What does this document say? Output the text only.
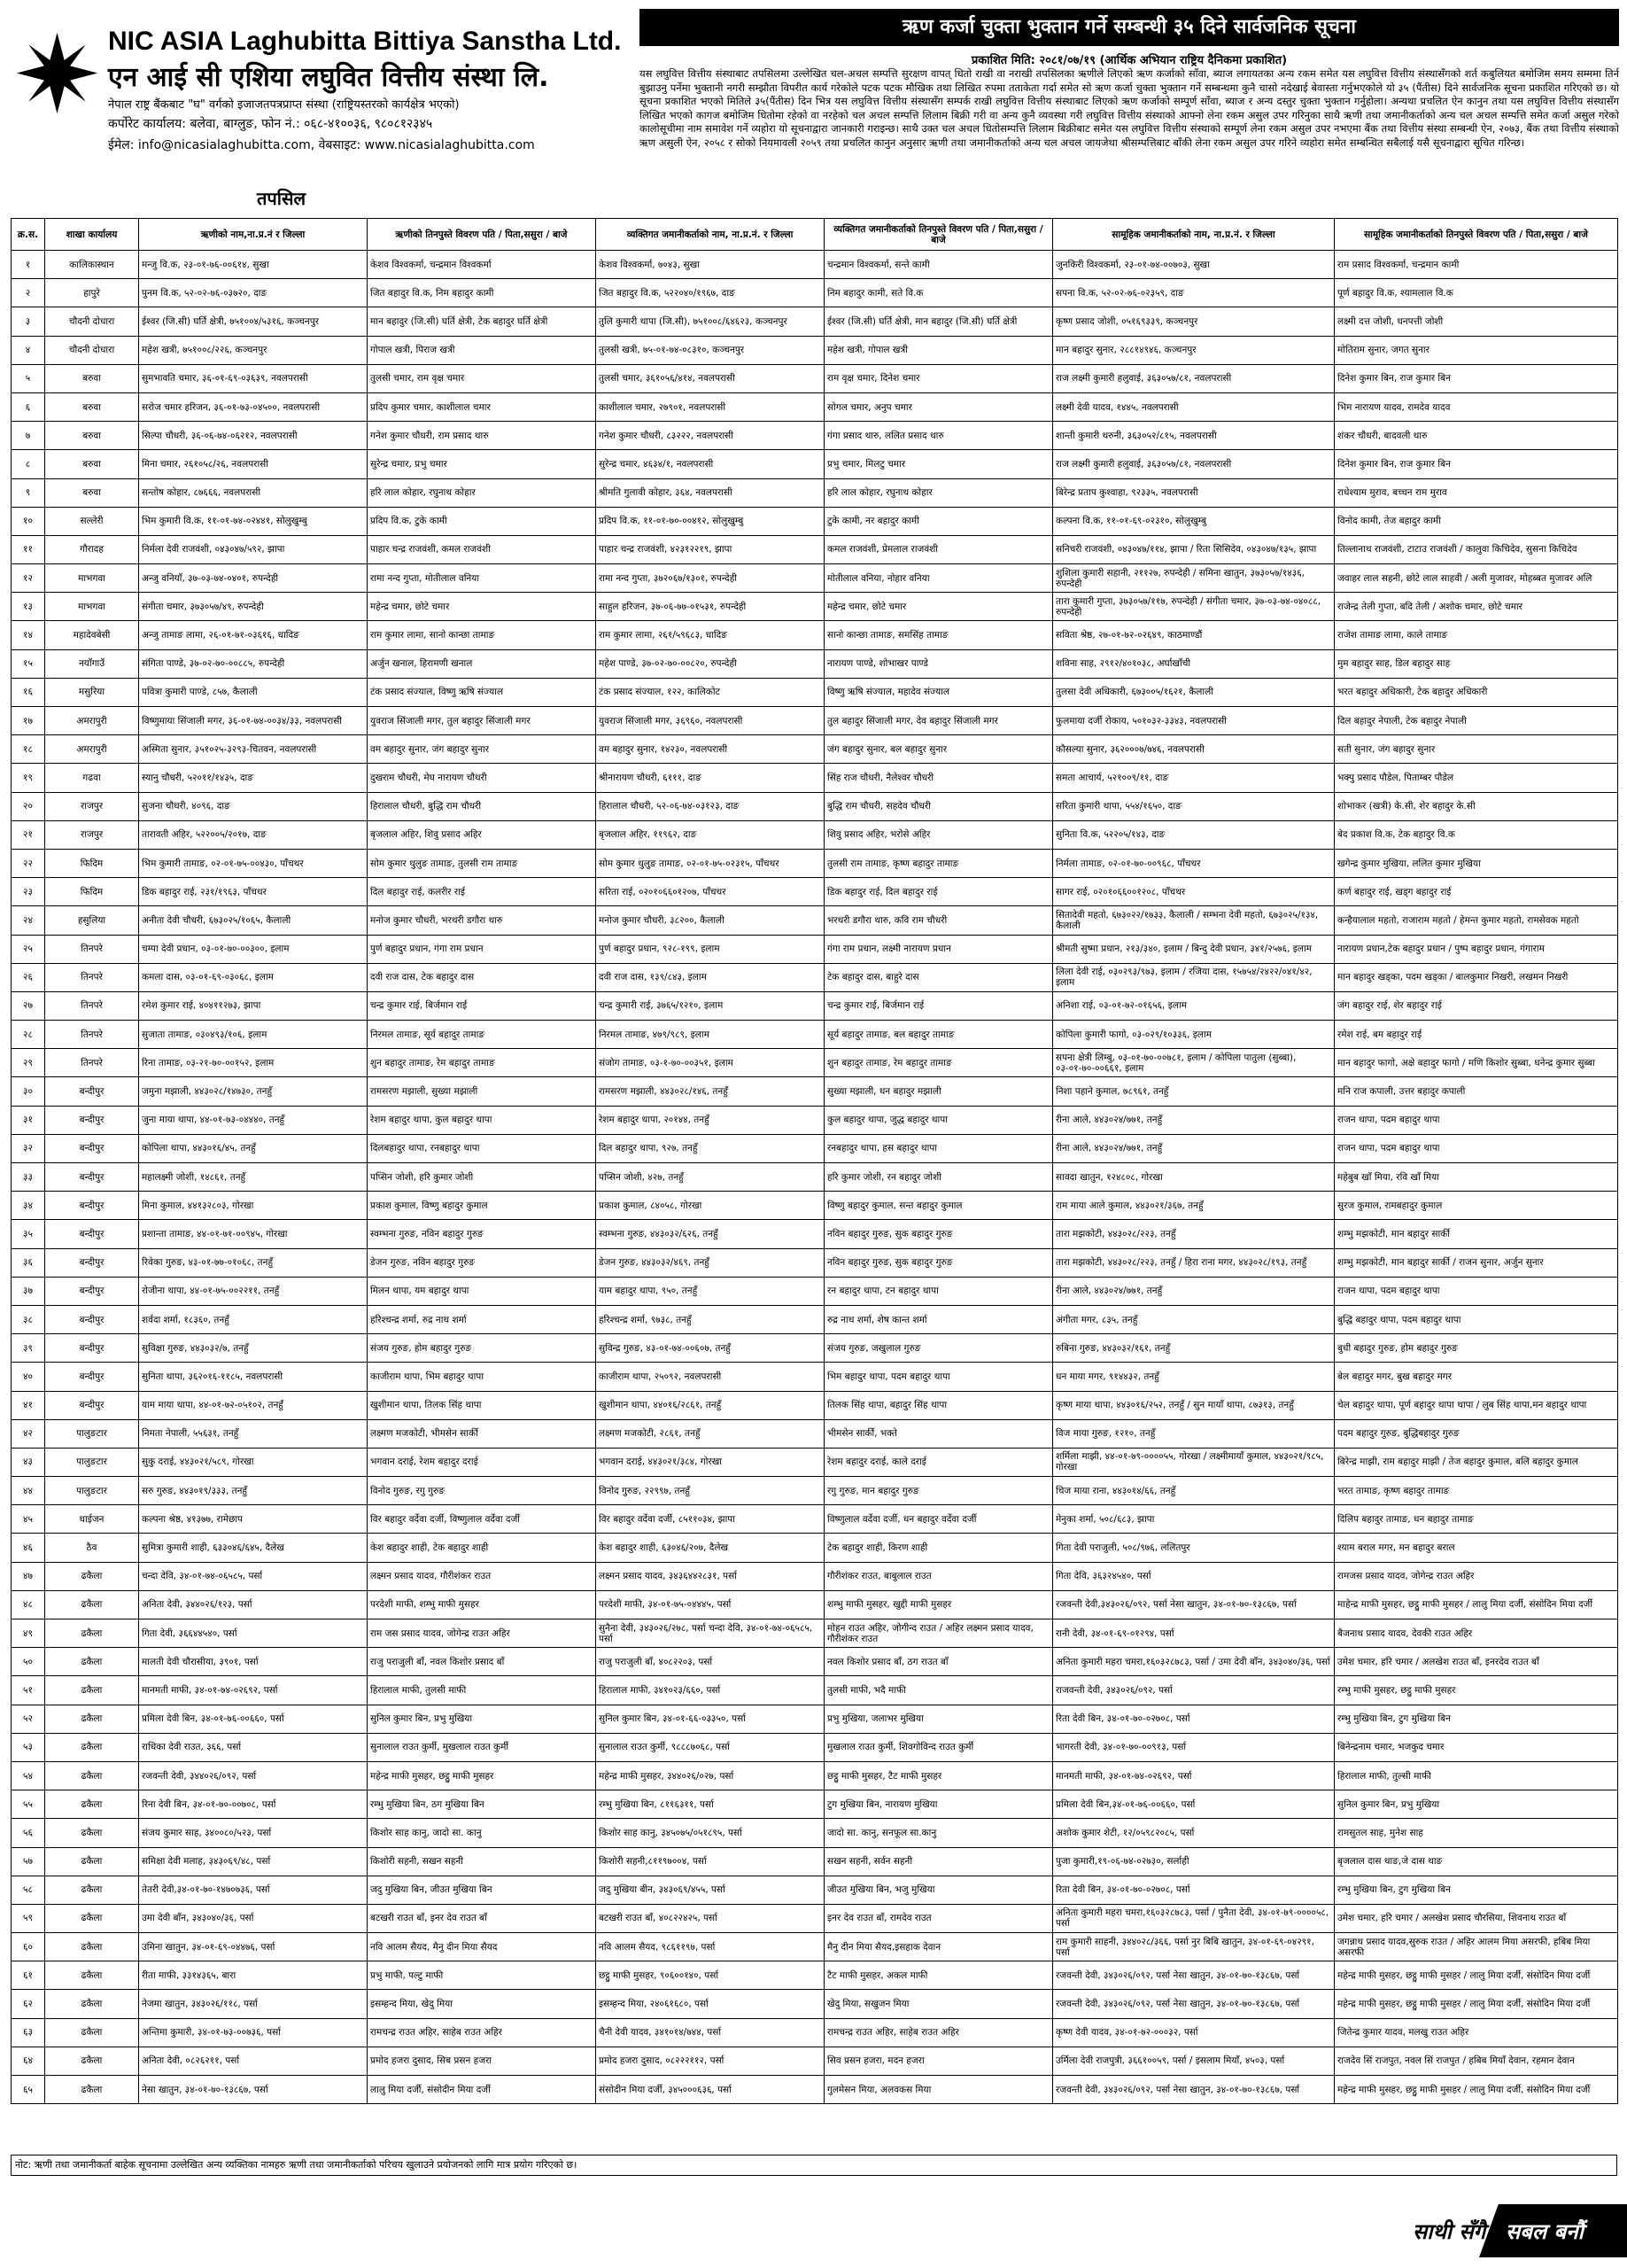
NIC ASIA Laghubitta Bittiya Sanstha Ltd.
एन आई सी एशिया लघुवित वित्तीय संस्था लि.
नेपाल राष्ट्र बैंकबाट "घ" वर्गको इजाजतपत्रप्राप्त संस्था (राष्ट्रियस्तरको कार्यक्षेत्र भएको)
कर्पोरेट कार्यालय: बलेवा, बाग्लुङ, फोन नं.: ०६८-४१००३६, ९८०८१२३४५
ईमेल: info@nicasialaghubitta.com, वेबसाइट: www.nicasialaghubitta.com
तपसिल
ऋण कर्जा चुक्ता भुक्तान गर्ने सम्बन्धी ३५ दिने सार्वजनिक सूचना
प्रकाशित मिति: २०८१/०७/१९ (आर्थिक अभियान राष्ट्रिय दैनिकमा प्रकाशित)
यस लघुवित्त वित्तीय संस्थाबाट तपसिलमा उल्लेखित चल-अचल सम्पत्ति सुरक्षण वापत् धितो राखी वा नराखी तपसिलका ऋणीले लिएको ऋण कर्जाको साँवा, ब्याज लगायतका अन्य रकम समेत यस लघुवित्त वित्तीय संस्थासँगको शर्त कबुलियत बमोजिम समय सम्ममा तिर्न बुझाउनु पर्नेमा भुक्तानी नगरी सम्झौता विपरीत कार्य गरेकोले पटक पटक मौखिक तथा लिखित रुपमा तताकेता गर्दा समेत सो ऋण कर्जा चुक्ता भुक्तान गर्ने सम्बन्धमा कुनै चासो नदेखाई बेवास्ता गर्नुभएकोले यो ३५ (पैंतीस) दिने सार्वजनिक सूचना प्रकाशित गरिएको छ। यो सूचना प्रकाशित भएको मितिले ३५(पैंतीस) दिन भित्र यस लघुवित्त वित्तीय संस्थासँग सम्पर्क राखी लघुवित्त वित्तीय संस्थाबाट लिएको ऋण कर्जाको सम्पूर्ण साँवा, ब्याज र अन्य दस्तुर चुक्ता भुक्तान गर्नुहोला। अन्यथा प्रचलित ऐन कानुन तथा यस लघुवित्त वित्तीय संस्थासँग लिखित भएको कागज बमोजिम धितोमा रहेको वा नरहेको चल अचल सम्पत्ति लिलाम बिक्री गरी वा अन्य कुनै व्यवस्था गरी लघुवित्त वित्तीय संस्थाको आफ्नो लेना रकम असुल उपर गरिनुका साथै ऋणी तथा जमानीकर्ताको अन्य चल अचल सम्पत्ति समेत कर्जा असुल गरेको कालोसूचीमा नाम समावेश गर्ने व्यहोरा यो सूचनाद्वारा जानकारी गराइन्छ। साथै उक्त चल अचल धितोसम्पत्ति लिलाम बिक्रीबाट समेत यस लघुवित्त वित्तीय संस्थाको सम्पूर्ण लेना रकम असुल उपर नभएमा बैंक तथा वित्तीय संस्था सम्बन्धी ऐन, २०७३, बैंक तथा वित्तीय संस्थाको ऋण असुली ऐन, २०५८ र सोको नियमावली २०५९ तथा प्रचलित कानुन अनुसार ऋणी तथा जमानीकर्ताको अन्य चल अचल जायजेथा श्रीसम्पत्तिबाट बाँकी लेना रकम असुल उपर गरिने व्यहोरा समेत सम्बन्धित सबैलाई यसै सूचनाद्वारा सूचित गरिन्छ।
क्र.स.	शाखा कार्यालय	ऋणीको नाम,ना.प्र.नं र जिल्ला	ऋणीको तिनपुस्ते विवरण पति / पिता,ससुरा / बाजे	व्यक्तिगत जमानीकर्ताको नाम, ना.प्र.नं. र जिल्ला	व्यक्तिगत जमानीकर्ताको तिनपुस्ते विवरण पति / पिता,ससुरा / बाजे	सामूहिक जमानीकर्ताको नाम, ना.प्र.नं. र जिल्ला	सामूहिक जमानीकर्ताको तिनपुस्ते विवरण पति / पिता,ससुरा / बाजे
१	कालिकास्थान	मन्जु वि.क, २३-०१-७६-००६१४, सुखा	केशव विश्वकर्मा, चन्द्रमान विश्वकर्मा	केशव विश्वकर्मा, ७०४३, सुखा	चन्द्रमान विश्वकर्मा, सन्ते कामी	जुनकिरी विश्वकर्मा, २३-०१-७४-००७०३, सुखा	राम प्रसाद विश्वकर्मा, चन्द्रमान कामी
२	हापुरे	पुनम वि.क, ५२-०२-७६-०३७२०, दाङ	जित बहादुर वि.क, निम बहादुर कामी	जित बहादुर वि.क, ५२२०४०/१९६७, दाङ	निम बहादुर कामी, सते वि.क	सपना वि.क, ५२-०२-७६-०२३५९, दाङ	पूर्ण बहादुर वि.क, श्यामलाल वि.क
३	चौदनी दोधारा	ईश्वर (जि.सी) घर्ति क्षेत्री, ७५१००४/५३१६, कञ्चनपुर	मान बहादुर (जि.सी) घर्ति क्षेत्री, टेक बहादुर घर्ति क्षेत्री	तुलि कुमारी थापा (जि.सी), ७५१००८/६४६२३, कञ्चनपुर	ईश्वर (जि.सी) घर्ति क्षेत्री, मान बहादुर (जि.सी) घर्ति क्षेत्री	कृष्ण प्रसाद जोशी, ०५१६९३३९, कञ्चनपुर	लक्ष्मी दत्त जोशी, धनपत्ती जोशी
४	चौदनी दोधारा	महेश खत्री, ७५१००८/२२६, कञ्चनपुर	गोपाल खत्री, पिराज खत्री	तुलसी खत्री, ७५-०१-७४-०८३१०, कञ्चनपुर	महेश खत्री, गोपाल खत्री	मान बहादुर सुनार, २८८१४९४६, कञ्चनपुर	मोतिराम सुनार, जगत सुनार
५	बरुवा	सुमभावति चमार, ३६-०१-६९-०३६३९, नवलपरासी	तुलसी चमार, राम वृक्ष चमार	तुलसी चमार, ३६१०५६/४१४, नवलपरासी	राम वृक्ष चमार, दिनेश चमार	राज लक्ष्मी कुमारी हलुवाई, ३६३०५७/८१, नवलपरासी	दिनेश कुमार बिन, राज कुमार बिन
६	बरुवा	सरोज चमार हरिजन, ३६-०१-७३-०४५००, नवलपरासी	प्रदिप कुमार चमार, काशीलाल चमार	काशीलाल चमार, २७९०१, नवलपरासी	सोगल चमार, अनुप चमार	लक्ष्मी देवी यादव, १४४५, नवलपरासी	भिम नारायण यादव, रामदेव यादव
७	बरुवा	सिल्पा चौधरी, ३६-०६-७४-०६२१२, नवलपरासी	गनेश कुमार चौधरी, राम प्रसाद थारु	गनेश कुमार चौधरी, ८३२२२, नवलपरासी	गंगा प्रसाद थारु, ललित प्रसाद थारु	शान्ती कुमारी थरुनी, ३६३०५२/८१५, नवलपरासी	शंकर चौधरी, बादवली थारु
८	बरुवा	मिना चमार, २६१०५८/२६, नवलपरासी	सुरेन्द्र चमार, प्रभु चमार	सुरेन्द्र चमार, ४६३४/१, नवलपरासी	प्रभु चमार, मिलटु चमार	राज लक्ष्मी कुमारी हलुवाई, ३६३०५७/८१, नवलपरासी	दिनेश कुमार बिन, राज कुमार बिन
९	बरुवा	सन्तोष कोहार, ८७६६६, नवलपरासी	हरि लाल कोहार, रघुनाथ कोहार	श्रीमति गुलावी कोहार, ३६४, नवलपरासी	हरि लाल कोहार, रघुनाथ कोहार	बिरेन्द्र प्रताप कुश्वाहा, ९२३३५, नवलपरासी	राधेश्याम मुराव, बच्चन राम मुराव
१०	सल्लेरी	भिम कुमारी वि.क, ११-०१-७४-०२४४१, सोलुखुम्बु	प्रदिप वि.क, टुके कामी	प्रदिप वि.क, ११-०१-७०-००४१२, सोलुखुम्बु	टुके कामी, नर बहादुर कामी	कल्पना वि.क, ११-०१-६९-०२३१०, सोलुखुम्बु	विनोद कामी, तेज बहादुर कामी
११	गौरादह	निर्मला देवी राजवंशी, ०४३०४७/५९२, झापा	पाहार चन्द्र राजवंशी, कमल राजवंशी	पाहार चन्द्र राजवंशी, ४२३१२२१९, झापा	कमल राजवंशी, प्रेमलाल राजवंशी	सनिचरी राजवंशी, ०४३०४७/११४, झापा / रिता सिसिदेव, ०४३०४७/१३५, झापा	तिल्लानाथ राजवंशी, टाटाउ राजवंशी / कालुवा किचिदेव, सुसना किचिदेव
१२	माभगवा	अन्जु वनियाँ, ३७-०३-७४-०४०१, रुपन्देही	रामा नन्द गुप्ता, मोतीलाल वनिया	रामा नन्द गुप्ता, ३७२०६७/१३०१, रुपन्देही	मोतीलाल वनिया, नोहार वनिया	शुशिला कुमारी सहानी, २११२७, रुपन्देही / समिना खातुन, ३७३०५७/१४३६, रुपन्देही	जवाहर लाल सहनी, छोटे लाल साहवी / अली मुजावर, मोहब्बत मुजावर अलि
१३	माभगवा	संगीता चमार, ३७३०५७/४९, रुपन्देही	महेन्द्र चमार, छोटे चमार	साहुल हरिजन, ३७-०६-७७-०१५३१, रुपन्देही	महेन्द्र चमार, छोटे चमार	तारा कुमारी गुप्ता, ३७३०५७/११७, रुपन्देही / संगीता चमार, ३७-०३-७४-०४०८८, रुपन्देही	राजेन्द्र तेली गुप्ता, बदि तेली / अशोक चमार, छोटे चमार
१४	महादेवबेसी	अन्जु तामाङ लामा, २६-०१-७१-०३६१६, धादिङ	राम कुमार लामा, सानो कान्छा तामाङ	राम कुमार लामा, २६१/५९६८३, धादिङ	सानो कान्छा तामाङ, समसिंह तामाङ	सविता श्रेष्ठ, २७-०१-७२-०२६४९, काठमाण्डौं	राजेश तामाङ लामा, काले तामाङ
१५	नयाँगाउँ	संगिता पाण्डे, ३७-०२-७०-००८८५, रुपन्देही	अर्जुन खनाल, हिरामणी खनाल	महेश पाण्डे, ३७-०२-७०-००८२०, रुपन्देही	नारायण पाण्डे, शोभाखर पाण्डे	शविना साह, २९१२/४०१०३८, अर्घाखाँची	मुम बहादुर साह, डिल बहादुर साह
१६	मसुरिया	पवित्रा कुमारी पाण्डे, ८५७, कैलाली	टंक प्रसाद संज्याल, विष्णु ऋषि संज्याल	टंक प्रसाद संज्याल, १२२, कालिकोट	विष्णु ऋषि संज्याल, महादेव संज्याल	तुलसा देवी अधिकारी, ६७३००५/१६२१, कैलाली	भरत बहादुर अधिकारी, टेक बहादुर अधिकारी
१७	अमरापुरी	विष्णुमाया सिंजाली मगर, ३६-०१-७४-००३४/३३, नवलपरासी	युवराज सिंजाली मगर, तुल बहादुर सिंजाली मगर	युवराज सिंजाली मगर, ३६९६०, नवलपरासी	तुल बहादुर सिंजाली मगर, देव बहादुर सिंजाली मगर	फुलमाया दर्जी रोकाय, ५०१०३२-३३४३, नवलपरासी	दिल बहादुर नेपाली, टेक बहादुर नेपाली
१८	अमरापुरी	अस्मिता सुनार, ३५१०२५-३२९३-चितवन, नवलपरासी	वम बहादुर सुनार, जंग बहादुर सुनार	वम बहादुर सुनार, १४२३०, नवलपरासी	जंग बहादुर सुनार, बल बहादुर सुनार	कौसल्या सुनार, ३६२०००७/७४६, नवलपरासी	सती सुनार, जंग बहादुर सुनार
१९	गढवा	स्यानु चौधरी, ५२०११/१४३५, दाङ	दुखराम चौधरी, मेघ नारायण चौधरी	श्रीनारायण चौधरी, ६१११, दाङ	सिंह राज चौधरी, नैलेश्वर चौधरी	समता आचार्य, ५२१००९/११, दाङ	भक्पु प्रसाद पौडेल, पिताम्बर पौडेल
२०	राजपुर	सुजना चौधरी, ४०९६, दाङ	हिरालाल चौधरी, बुद्धि राम चौधरी	हिरालाल चौधरी, ५२-०६-७४-०३१२३, दाङ	बुद्धि राम चौधरी, सहदेव चौधरी	सरिता कुमारी थापा, ५५४/१६५०, दाङ	शोभाकर (खत्री) के.सी, शेर बहादुर के.सी
२१	राजपुर	तारावती अहिर, ५२२००५/२०१७, दाङ	बृजलाल अहिर, शिवु प्रसाद अहिर	बृजलाल अहिर, ११९६२, दाङ	शिवु प्रसाद अहिर, भरोसे अहिर	सुनिता वि.क, ५२२०५/१४३, दाङ	बेद प्रकाश वि.क, टेक बहादुर वि.क
२२	फिदिम	भिम कुमारी तामाङ, ०२-०१-७५-००४३०, पाँचथर	सोम कुमार थुलुङ तामाङ, तुलसी राम तामाङ	सोम कुमार थुलुङ तामाङ, ०२-०१-७५-०२३१५, पाँचथर	तुलसी राम तामाङ, कृष्ण बहादुर तामाङ	निर्मला तामाङ, ०२-०१-७०-००९६८, पाँचथर	खगेन्द्र कुमार मुखिया, ललित कुमार मुखिया
२३	फिदिम	डिक बहादुर राई, २३१/१९६३, पाँचथर	दिल बहादुर राई, कलरीर राई	सरिता राई, ०२०१०६६०१२०७, पाँचथर	डिक बहादुर राई, दिल बहादुर राई	सागर राई, ०२०१०६६००१२०८, पाँचथर	कर्ण बहादुर राई, खड्ग बहादुर राई
२४	हसुलिया	अनीता देवी चौधरी, ६७३०२५/१०६५, कैलाली	मनोज कुमार चौधरी, भरथरी डगौरा थारु	मनोज कुमार चौधरी, ३८२००, कैलाली	भरथरी डगौरा थारु, कवि राम चौधरी	सितादेवी महतो, ६७३०२२/१७३३, कैलाली / सम्भना देवी महतो, ६७३०२५/१३४, कैलाली	कन्हैयालाल महतो, राजाराम महतो / हेमन्त कुमार महतो, रामसेवक महतो
२५	तिनपरे	चम्पा देवी प्रधान, ०३-०१-७०-००३००, इलाम	पुर्ण बहादुर प्रधान, गंगा राम प्रधान	पुर्ण बहादुर प्रधान, ९२८-१९९, इलाम	गंगा राम प्रधान, लक्ष्मी नारायण प्रधान	श्रीमती सुष्मा प्रधान, २१३/३४०, इलाम / बिन्दु देवी प्रधान, ३४१/२५७६, इलाम	नारायण प्रधान,टेक बहादुर प्रधान / पुष्प बहादुर प्रधान, गंगाराम
२६	तिनपरे	कमला दास, ०३-०१-६९-०३०६८, इलाम	दवी राज दास, टेक बहादुर दास	दवी राज दास, १३९/८४३, इलाम	टेक बहादुर दास, बाहुरे दास	लिला देवी राई, ०३०२९३/९७३, इलाम / रजिया दास, १५७५४/२४२२/०४१/४२, इलाम	मान बहादुर खड्का, पदम खड्का / बालकुमार निखरी, लखमन निखरी
२७	तिनपरे	रमेश कुमार राई, ४०४११२७३, झापा	चन्द्र कुमार राई, बिर्जमान राई	चन्द्र कुमारी राई, ३७६५/१२१०, इलाम	चन्द्र कुमार राई, बिर्जमान राई	अनिशा राई, ०३-०१-७२-०१६५६, इलाम	जंग बहादुर राई, शेर बहादुर राई
२८	तिनपरे	सुजाता तामाङ, ०३०४९३/१०६, इलाम	निरमल तामाङ, सूर्य बहादुर तामाङ	निरमल तामाङ, ४७९/९८९, इलाम	सूर्य बहादुर तामाङ, बल बहादुर तामाङ	कोपिला कुमारी फागो, ०३-०२९/१०३३६, इलाम	रमेश राई, बम बहादुर राई
२९	तिनपरे	रिना तामाङ, ०३-२१-७०-००१५२, इलाम	शुन बहादुर तामाङ, रेम बहादुर तामाङ	संजोग तामाङ, ०३-१-७०-००३५१, इलाम	शुन बहादुर तामाङ, रेम बहादुर तामाङ	सपना क्षेत्री लिम्बु, ०३-०१-७०-००७८१, इलाम / कोपिला पातुला (सुब्बा), ०३-०१-७०-००६६१, इलाम	मान बहादुर फागो, अक्षे बहादुर फागो / मणि किशोर सुब्बा, धनेन्द्र कुमार सुब्बा
३०	बन्दीपुर	जमुना मझाली, ४४३०२८/१४७३०, तनहुँ	रामसरण मझाली, सुख्या मझाली	रामसरण मझाली, ४४३०२८/१४६, तनहुँ	सुख्या मझाली, धन बहादुर मझाली	निशा पहाने कुमाल, ७८९६१, तनहुँ	मनि राज कपाली, उत्तर बहादुर कपाली
३१	बन्दीपुर	जुना माया थापा, ४४-०१-७३-०४४४०, तनहुँ	रेशम बहादुर थापा, कुल बहादुर थापा	रेशम बहादुर थापा, २०१४४, तनहुँ	कुल बहादुर थापा, जुद्ध बहादुर थापा	रीना आले, ४४३०२४/७७१, तनहुँ	राजन थापा, पदम बहादुर थापा
३२	बन्दीपुर	कोपिला थापा, ४४३०१६/४५, तनहुँ	दिलबहादुर थापा, रनबहादुर थापा	दिल बहादुर थापा, ९२७, तनहुँ	रनबहादुर थापा, हस बहादुर थापा	रीना आले, ४४३०२४/७७१, तनहुँ	राजन थापा, पदम बहादुर थापा
३३	बन्दीपुर	महालक्ष्मी जोशी, १४८६१, तनहुँ	पप्सिन जोशी, हरि कुमार जोशी	पप्सिन जोशी, ४२७, तनहुँ	हरि कुमार जोशी, रन बहादुर जोशी	सावदा खातुन, १२४८०८, गोरखा	महेबुब खाँ मिया, रवि खाँ मिया
३४	बन्दीपुर	मिना कुमाल, ४४१३२८०३, गोरखा	प्रकाश कुमाल, विष्णु बहादुर कुमाल	प्रकाश कुमाल, ८४०५८, गोरखा	विष्णु बहादुर कुमाल, सन्त बहादुर कुमाल	राम माया आले कुमाल, ४४३०२१/३६७, तनहुँ	सुरज कुमाल, रामबहादुर कुमाल
३५	बन्दीपुर	प्रशान्ता तामाङ, ४४-०१-७१-००९४५, गोरखा	स्वम्भना गुरुङ, नविन बहादुर गुरुङ	स्वम्भना गुरुङ, ४४३०३२/६२६, तनहुँ	नविन बहादुर गुरुङ, सुक बहादुर गुरुङ	तारा मझकोटी, ४४३०२८/२२३, तनहुँ	शम्भु मझकोटी, मान बहादुर सार्की
३६	बन्दीपुर	रिवेका गुरुङ, ४३-०१-७७-०१०६८, तनहुँ	डेजन गुरुङ, नविन बहादुर गुरुङ	डेजन गुरुङ, ४४३०३२/४६९, तनहुँ	नविन बहादुर गुरुङ, सुक बहादुर गुरुङ	तारा मझकोटी, ४४३०२८/२२३, तनहुँ / हिरा राना मगर, ४४३०२८/१९३, तनहुँ	शम्भु मझकोटी, मान बहादुर सार्की / राजन सुनार, अर्जुन सुनार
३७	बन्दीपुर	रोजीना थापा, ४४-०१-७५-००२२११, तनहुँ	मिलन थापा, यम बहादुर थापा	याम बहादुर थापा, ९५०, तनहुँ	रन बहादुर थापा, टन बहादुर थापा	रीना आले, ४४३०२४/७७१, तनहुँ	राजन थापा, पदम बहादुर थापा
३८	बन्दीपुर	शर्वदा शर्मा, १८३६०, तनहुँ	हरिश्चन्द्र शर्मा, रुद्र नाथ शर्मा	हरिश्चन्द्र शर्मा, ९७३८, तनहुँ	रुद्र नाथ शर्मा, शेष कान्त शर्मा	अंगीता मगर, ८३५, तनहुँ	बुद्धि बहादुर थापा, पदम बहादुर थापा
३९	बन्दीपुर	सुविक्षा गुरुङ, ४४३०३२/७, तनहुँ	संजय गुरुङ, होम बहादुर गुरुङ	सुविन्द्र गुरुङ, ४३-०१-७४-००६०७, तनहुँ	संजय गुरुङ, जखुलाल गुरुङ	रुबिना गुरुङ, ४४३०३२/१६१, तनहुँ	बुधी बहादुर गुरुङ, होम बहादुर गुरुङ
४०	बन्दीपुर	सुनिता थापा, ३६२०१६-११८५, नवलपरासी	काजीराम थापा, भिम बहादुर थापा	काजीराम थापा, २५०९२, नवलपरासी	भिम बहादुर थापा, पदम बहादुर थापा	धन माया मगर, ९१४४३२, तनहुँ	बेल बहादुर मगर, बुख बहादुर मगर
४१	बन्दीपुर	याम माया थापा, ४४-०१-७२-०५१०२, तनहुँ	खुशीमान थापा, तिलक सिंह थापा	खुशीमान थापा, ४४०१६/२८६१, तनहुँ	तिलक सिंह थापा, बहादुर सिंह थापा	कृष्ण माया थापा, ४४३०१६/२५२, तनहुँ / सुन मायाँ थापा, ८७३१३, तनहुँ	चेल बहादुर थापा, पूर्ण बहादुर थापा थापा / लुब सिंह थापा,मन बहादुर थापा
४२	पालुङटार	निमता नेपाली, ५५६३१, तनहुँ	लक्ष्मण मजकोटी, भीमसेन सार्की	लक्ष्मण मजकोटी, २८६१, तनहुँ	भीमसेन सार्की, भक्ते	विज माया गुरुङ, १२१०, तनहुँ	पदम बहादुर गुरुङ, बुद्धिबहादुर गुरुङ
४३	पालुङटार	सुकु दराई, ४४३०२१/५८९, गोरखा	भगवान दराई, रेशम बहादुर दराई	भगवान दराई, ४४३०२१/३८४, गोरखा	रेशम बहादुर दराई, काले दराई	शर्मिला माझी, ४४-०१-७९-००००५५, गोरखा / लक्ष्मीमायाँ कुमाल, ४४३०२१/९८५, गोरखा	बिरेन्द्र माझी, राम बहादुर माझी / तेज बहादुर कुमाल, बलि बहादुर कुमाल
४४	पालुङटार	सरु गुरुङ, ४४३०१९/३३३, तनहुँ	विनोद गुरुङ, रगु गुरुङ	विनोद गुरुङ, २२९९७, तनहुँ	रगु गुरुङ, मान बहादुर गुरुङ	चिज माया राना, ४४३०१४/६६, तनहुँ	भरत तामाङ, कृष्ण बहादुर तामाङ
४५	धाईजन	कल्पना श्रेष्ठ, ४१३७७, रामेछाप	विर बहादुर वर्देवा दर्जी, विष्णुलाल वर्देवा दर्जी	विर बहादुर वर्देवा दर्जी, ८५११०३४, झापा	विष्णुलाल वर्देवा दर्जी, धन बहादुर वर्देवा दर्जी	मेनुका शर्मा, ५०८/६८३, झापा	दिलिप बहादुर तामाङ, धन बहादुर तामाङ
४६	ठैव	सुमित्रा कुमारी शाही, ६३३०४६/६४५, दैलेख	केश बहादुर शाही, टेक बहादुर शाही	केश बहादुर शाही, ६३०४६/२०७, दैलेख	टेक बहादुर शाही, किरण शाही	गिता देवी पराजुली, ५०८/९७६, ललितपुर	श्याम बराल मगर, मन बहादुर बराल
४७	ढकैला	चन्दा देवि, ३४-०१-७४-०६५८५, पर्सा	लक्ष्मन प्रसाद यादव, गौरीशंकर राउत	लक्ष्मन प्रसाद यादव, ३४३६४४२८३१, पर्सा	गौरीशंकर राउत, बाबुलाल राउत	गिता देवि, ३६३२४५४०, पर्सा	रामजस प्रसाद यादव, जोगेन्द्र राउत अहिर
४८	ढकैला	अनिता देवी, ३४४०२६/१२३, पर्सा	परदेशी माफी, शम्भु माफी मुसहर	परदेशी माफी, ३४-०१-७५-०४४४५, पर्सा	शम्भु माफी मुसहर, खुद्दी माफी मुसहर	रजवन्ती देवी,३४३०२६/०९२, पर्सा नेसा खातुन, ३४-०१-७०-१३८६७, पर्सा	माहेन्द्र माफी मुसहर, छट्ठु माफी मुसहर / लालु मिया दर्जी, संसोदिन मिया दर्जी
४९	ढकैला	गिता देवी, ३६६४४५४०, पर्सा	राम जस प्रसाद यादव, जोगेन्द्र राउत अहिर	सुनैना देवी, ३४३०२६/२७८, पर्सा चन्दा देवि, ३४-०१-७४-०६५८५, पर्सा	मोहन राउत अहिर, जोगीन्द राउत / अहिर लक्ष्मन प्रसाद यादव, गौरीशंकर राउत	रानी देवी, ३४-०१-६९-०१२९४, पर्सा	बैजनाथ प्रसाद यादव, देवकी राउत अहिर
५०	ढकैला	मालती देवी चौरासीया, ३९०१, पर्सा	राजु पराजुली बाँ, नवल किशोर प्रसाद बाँ	राजु पराजुली बाँ, ४०८२२०३, पर्सा	नवल किशोर प्रसाद बाँ, ठग राउत बाँ	अनिता कुमारी महरा चमरा,१६०३२८७८३, पर्सा / उमा देवी बाँन, ३४३०४०/३६, पर्सा	उमेश चमार, हरि चमार / अलखेश राउत बाँ, इनरदेव राउत बाँ
५१	ढकैला	मानमती माफी, ३४-०१-७४-०२६९२, पर्सा	हिरालाल माफी, तुलसी माफी	हिरालाल माफी, ३४१०२३/६६०, पर्सा	तुलसी माफी, भदै माफी	राजवन्ती देवी, ३४३०२६/०९२, पर्सा	रम्भु माफी मुसहर, छट्ठु माफी मुसहर
५२	ढकैला	प्रमिला देवी बिन, ३४-०१-७६-००६६०, पर्सा	सुनिल कुमार बिन, प्रभु मुखिया	सुनिल कुमार बिन, ३४-०१-६६-०३३५०, पर्सा	प्रभु मुखिया, जलाभर मुखिया	रिता देवी बिन, ३४-०१-७०-०२७०८, पर्सा	रम्भु मुखिया बिन, टुग मुखिया बिन
५३	ढकैला	राधिका देवी राउत, ३६६, पर्सा	सुनालाल राउत कुर्मी, मुखलाल राउत कुर्मी	सुनालाल राउत कुर्मी, ९८८८७०६८, पर्सा	मुखलाल राउत कुर्मी, शिवगोविन्द राउत कुर्मी	भागरती देवी, ३४-०१-७०-००९१३, पर्सा	बिनेन्द्रनाम चमार, भजकुद चमार
५४	ढकैला	रजवन्ती देवी, ३४४०२६/०९२, पर्सा	महेन्द्र माफी मुसहर, छट्ठु माफी मुसहर	महेन्द्र माफी मुसहर, ३४४०२६/०२७, पर्सा	छट्ठु माफी मुसहर, टैट माफी मुसहर	मानमती माफी, ३४-०१-७४-०२६९२, पर्सा	हिरालाल माफी, तुल्सी माफी
५५	ढकैला	रिना देवी बिन, ३४-०१-७०-००७०८, पर्सा	रम्भु मुखिया बिन, ठग मुखिया बिन	रम्भु मुखिया बिन, ८११६३११, पर्सा	टुग मुखिया बिन, नारायण मुखिया	प्रमिला देवी बिन,३४-०१-७६-००६६०, पर्सा	सुनिल कुमार बिन, प्रभु मुखिया
५६	ढकैला	संजय कुमार साह, ३४००८०/५२३, पर्सा	किशोर साह कानु, जादो सा. कानु	किशोर साह कानु, ३४५०७५/०५१८९५, पर्सा	जादो सा. कानु, सनफूल सा.कानु	अशोक कुमार शेटी, १२/०५९८२०८५, पर्सा	रामसुतल साह, मुनेश साह
५७	ढकैला	समिक्षा देवी मलाह, ३४३०६९/४८, पर्सा	किशोरी सहनी, सखन सहनी	किशोरी सहनी,८११९७००४, पर्सा	सखन सहनी, सर्वन सहनी	पुजा कुमारी,१९-०६-७४-०२७३०, सर्लाही	बृजलाल दास थाङ,जे दास थाङ
५८	ढकैला	तेतरी देवी,३४-०१-७०-१४७०७३६, पर्सा	जदु मुखिया बिन, जीउत मुखिया बिन	जदु मुखिया बीन, ३४३०६९/४५५, पर्सा	जीउत मुखिया बिन, भजु मुखिया	रिता देवी बिन, ३४-०१-७०-०२७०८, पर्सा	रम्भु मुखिया बिन, टुग मुखिया बिन
५९	ढकैला	उमा देवी बाँन, ३४३०४०/३६, पर्सा	बटखरी राउत बाँ, इनर देव राउत बाँ	बटखरी राउत बाँ, ४०८२२४२५, पर्सा	इनर देव राउत बाँ, रामदेव राउत	अनिता कुमारी महरा चमरा,१६०३२८७८३, पर्सा / पुनैता देवी, ३४-०१-७९-००००५८, पर्सा	उमेश चमार, हरि चमार / अलखेश प्रसाद चौरसिया, शिवनाथ राउत बाँ
६०	ढकैला	उमिना खातुन, ३४-०१-६९-०४४७६, पर्सा	नवि आलम सैयद, मैनु दीन मिया सैयद	नवि आलम सैयद, ९८६११९७, पर्सा	मैनु दीन मिया सैयद,इसहाक देवान	राम कुमारी साहनी, ३४४०२८/३६६, पर्सा नुर बिबि खातुन, ३४-०१-६९-०४२९१, पर्सा	जगन्नाथ प्रसाद यादव,सुरुक राउत / अहिर आलम मिया असरफी, हबिब मिया असरफी
६१	ढकैला	रीता माफी, ३३१४३६५, बारा	प्रभु माफी, पल्टु माफी	छट्ठु माफी मुसहर, ९०६००१४०, पर्सा	टैट माफी मुसहर, अकल माफी	रजवन्ती देवी, ३४३०२६/०९२, पर्सा नेसा खातुन, ३४-०१-७०-१३८६७, पर्सा	महेन्द्र माफी मुसहर, छट्ठु माफी मुसहर / लालु मिया दर्जी, संसोदिन मिया दर्जी
६२	ढकैला	नेजमा खातुन, ३४३०२६/११८, पर्सा	इसम्हन्द मिया, खेदु मिया	इसम्हन्द मिया, २४०६१६८०, पर्सा	खेदु मिया, सखुजन मिया	रजवन्ती देवी, ३४३०२६/०९२, पर्सा नेसा खातुन, ३४-०१-७०-१३८६७, पर्सा	महेन्द्र माफी मुसहर, छट्ठु माफी मुसहर / लालु मिया दर्जी, संसोदिन मिया दर्जी
६३	ढकैला	अन्तिमा कुमारी, ३४-०१-७३-००७३६, पर्सा	रामचन्द्र राउत अहिर, साहेब राउत अहिर	चैनी देवी यादव, ३४१०१४/७४४, पर्सा	रामचन्द्र राउत अहिर, साहेब राउत अहिर	कृष्ण देवी यादव, ३४-०१-७२-०००३२, पर्सा	जितेन्द्र कुमार यादव, मलखु राउत अहिर
६४	ढकैला	अनिता देवी, ०८२६२११, पर्सा	प्रमोद हजरा दुसाद, सिब प्रसन हजरा	प्रमोद हजरा दुसाद, ०८२२२११२, पर्सा	सिव प्रसन हजरा, मदन हजरा	उर्मिला देवी राजपुत्री, ३६६१००५९, पर्सा / इसलाम मियाँ, ४५०३, पर्सा	राजदेव सिं राजपुत, नवल सिं राजपुत / हबिब मियाँ देवान, रहमान देवान
६५	ढकैला	नेसा खातुन, ३४-०१-७०-१३८६७, पर्सा	लालु मिया दर्जी, संसोदीन मिया दर्जी	संसोदीन मिया दर्जी, ३४५०००६३६, पर्सा	गुलमेसन मिया, अलवकस मिया	रजवन्ती देवी, ३४३०२६/०९२, पर्सा नेसा खातुन, ३४-०१-७०-१३८६७, पर्सा	महेन्द्र माफी मुसहर, छट्ठु माफी मुसहर / लालु मिया दर्जी, संसोदिन मिया दर्जी
नोट: ऋणी तथा जमानीकर्ता बाहेक सूचनामा उल्लेखित अन्य व्यक्तिका नामहरु ऋणी तथा जमानीकर्ताको परिचय खुलाउने प्रयोजनको लागि मात्र प्रयोग गरिएको छ।
साथी सँगै सबल बनौं
